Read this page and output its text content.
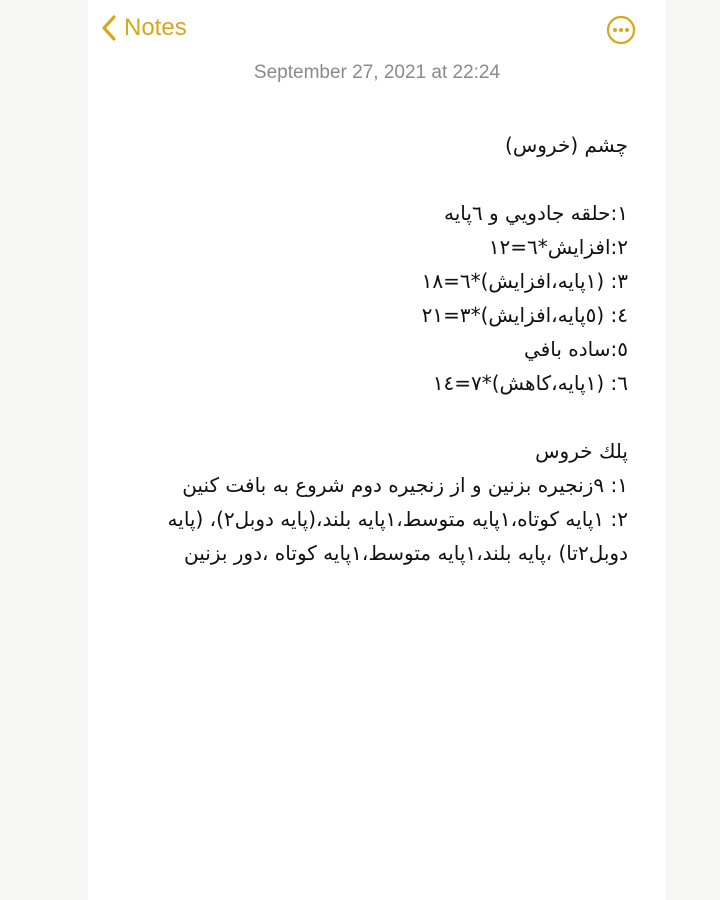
Notes
September 27, 2021 at 22:24
چشم (خروس)
١:حلقه جادويي و ٦پايه
٢:افزايش*٦=١٢
٣: (١پايه،افزايش)*٦=١٨
٤: (٥پايه،افزايش)*٣=٢١
٥:ساده بافي
٦: (١پايه،كاهش)*٧=١٤
پلك خروس
١: ٩زنجیره بزنین و از زنجیره دوم شروع به بافت کنین
٢: ١پایه کوتاه،١پایه متوسط،١پایه بلند،(پایه دوبل٢)، (پایه دوبل٢تا) ،پایه بلند،١پایه متوسط،١پایه کوتاه ،دور بزنین
